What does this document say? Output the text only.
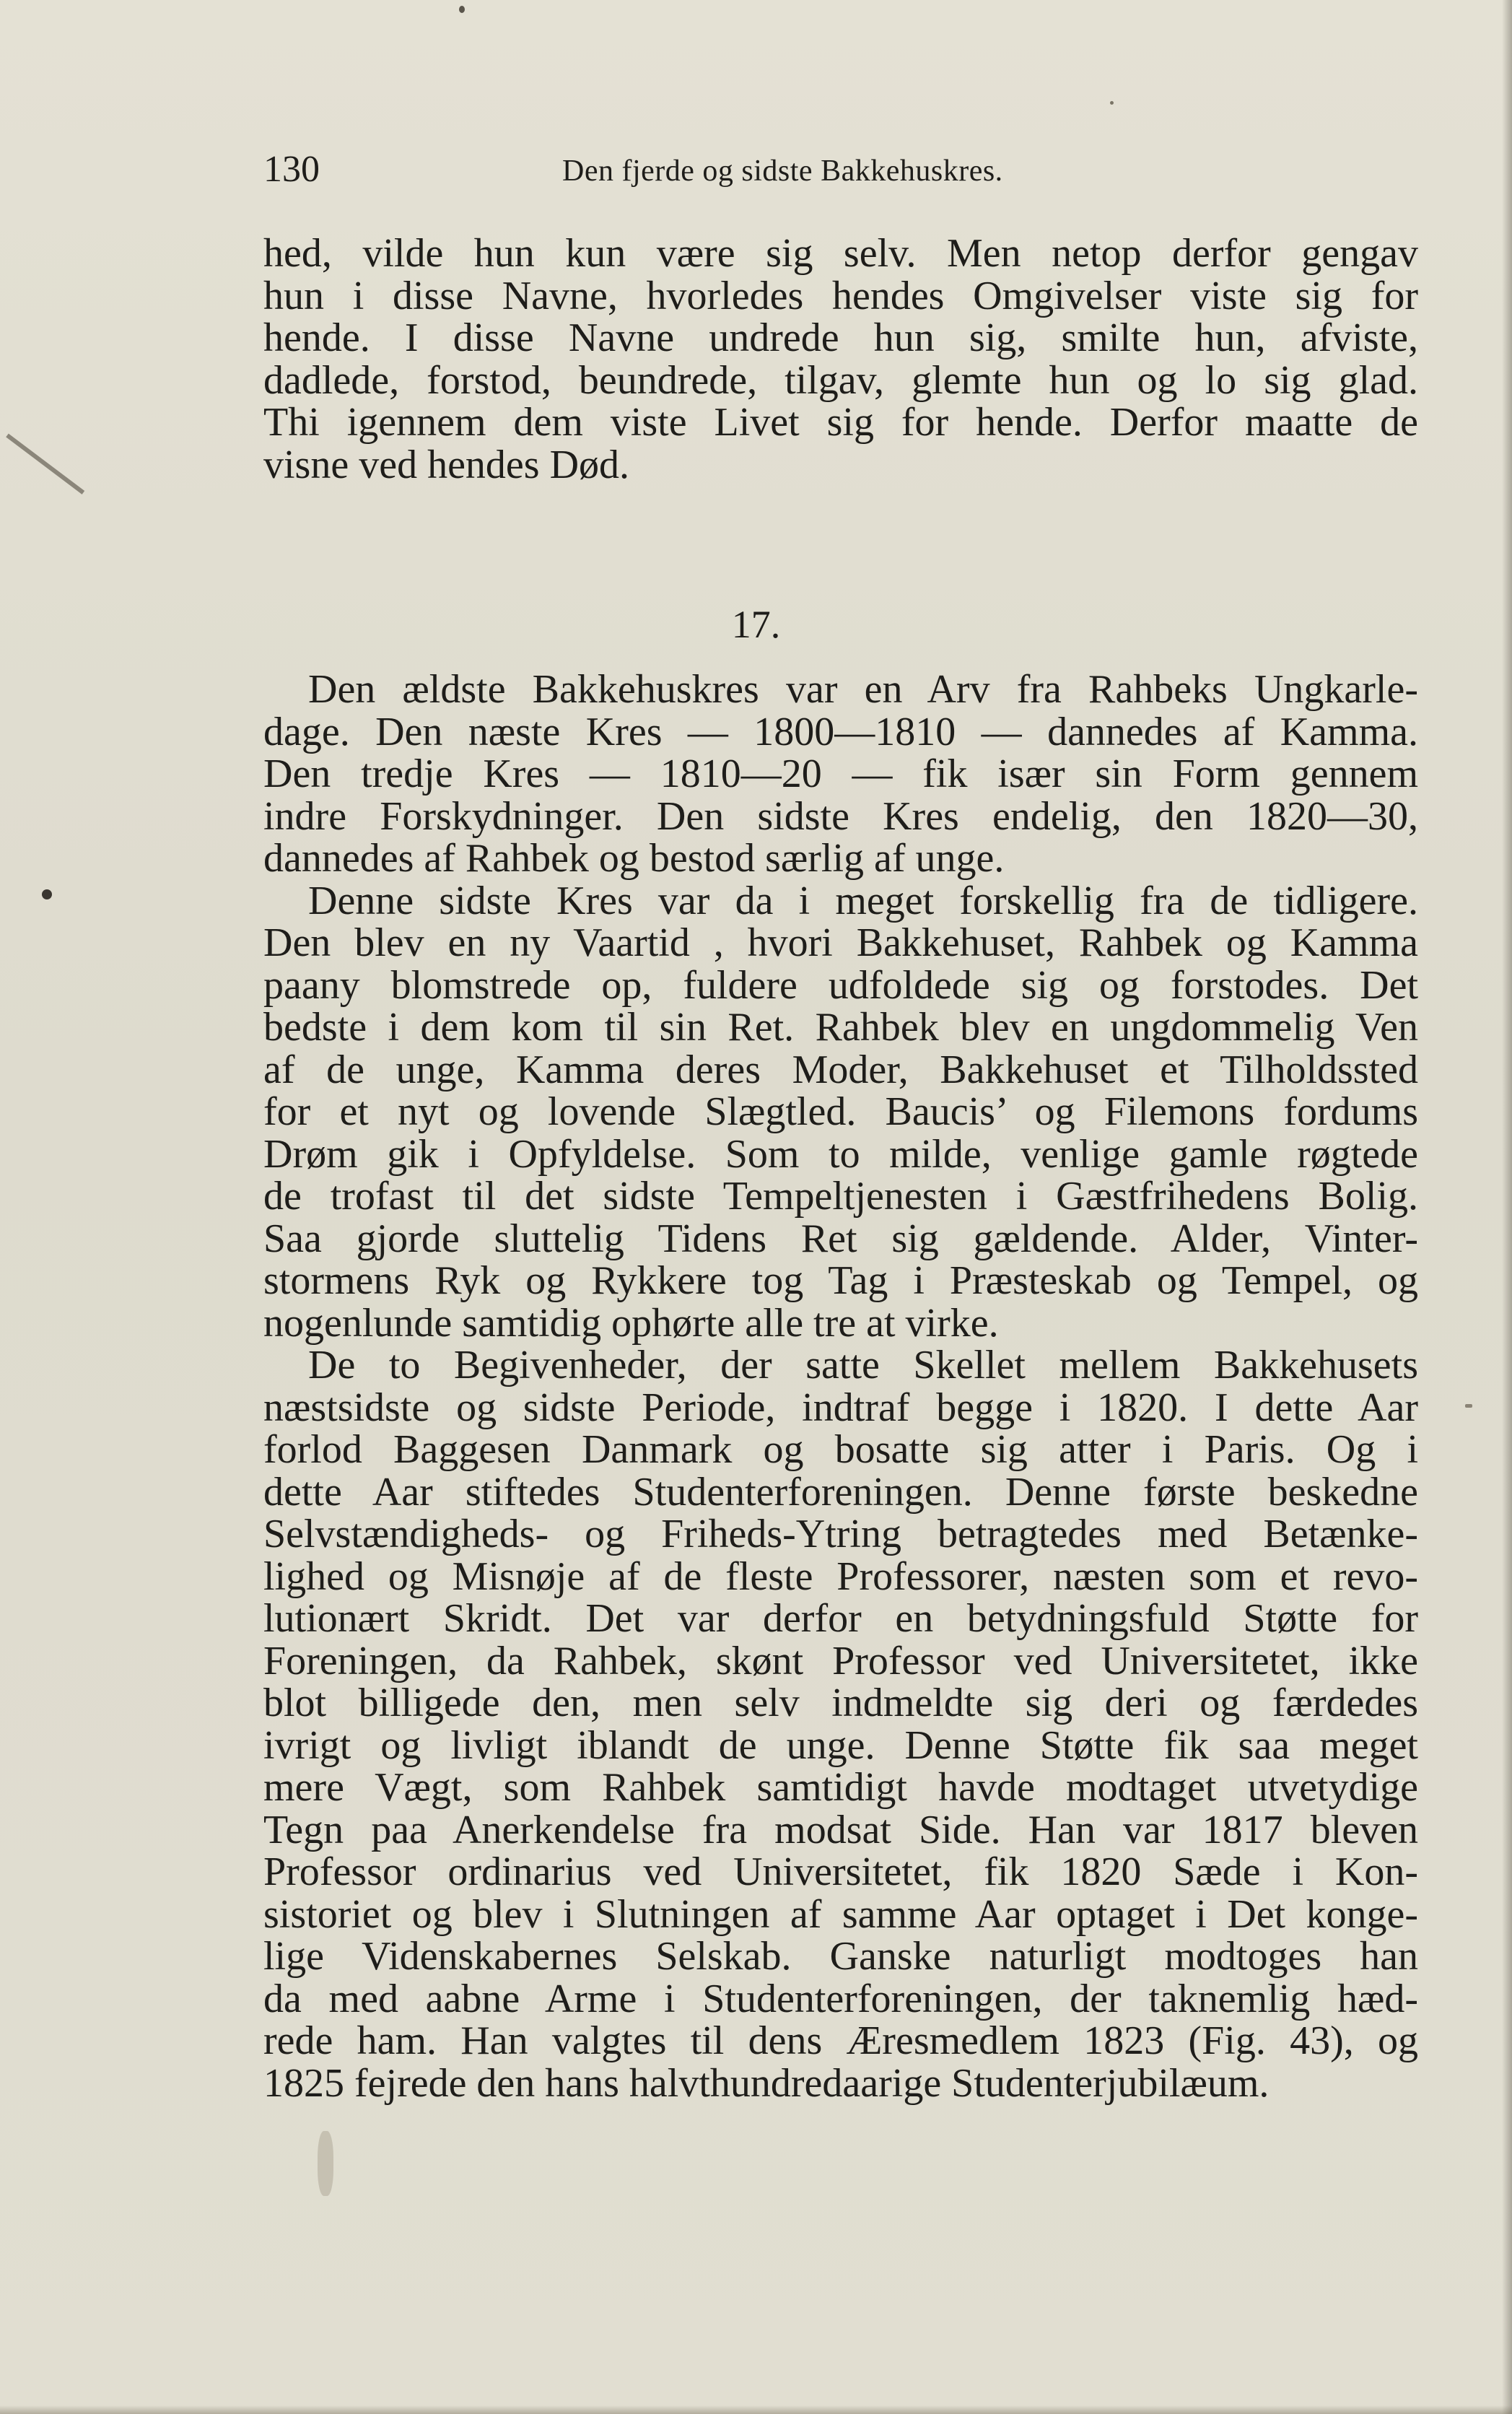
130	Den fjerde og sidste Bakkehuskres.
hed, vilde hun kun være sig selv. Men netop derfor gengav
hun i disse Navne, hvorledes hendes Omgivelser viste sig for
hende. I disse Navne undrede hun sig, smilte hun, afviste,
dadlede, forstod, beundrede, tilgav, glemte hun og lo sig glad.
Thi igennem dem viste Livet sig for hende. Derfor maatte de
visne ved hendes Død.
17.
Den ældste Bakkehuskres var en Arv fra Rahbeks Ungkarle-
dage. Den næste Kres — 1800—1810 — dannedes af Kamma.
Den tredje Kres — 1810—20 — fik især sin Form gennem
indre Forskydninger. Den sidste Kres endelig, den 1820—30,
dannedes af Rahbek og bestod særlig af unge.
Denne sidste Kres var da i meget forskellig fra de tidligere.
Den blev en ny Vaartid , hvori Bakkehuset, Rahbek og Kamma
paany blomstrede op, fuldere udfoldede sig og forstodes. Det
bedste i dem kom til sin Ret. Rahbek blev en ungdommelig Ven
af de unge, Kamma deres Moder, Bakkehuset et Tilholdssted
for et nyt og lovende Slægtled. Baucis’ og Filemons fordums
Drøm gik i Opfyldelse. Som to milde, venlige gamle røgtede
de trofast til det sidste Tempeltjenesten i Gæstfrihedens Bolig.
Saa gjorde sluttelig Tidens Ret sig gældende. Alder, Vinter-
stormens Ryk og Rykkere tog Tag i Præsteskab og Tempel, og
nogenlunde samtidig ophørte alle tre at virke.
De to Begivenheder, der satte Skellet mellem Bakkehusets
næstsidste og sidste Periode, indtraf begge i 1820. I dette Aar
forlod Baggesen Danmark og bosatte sig atter i Paris. Og i
dette Aar stiftedes Studenterforeningen. Denne første beskedne
Selvstændigheds- og Friheds-Ytring betragtedes med Betænke-
lighed og Misnøje af de fleste Professorer, næsten som et revo-
lutionært Skridt. Det var derfor en betydningsfuld Støtte for
Foreningen, da Rahbek, skønt Professor ved Universitetet, ikke
blot billigede den, men selv indmeldte sig deri og færdedes
ivrigt og livligt iblandt de unge. Denne Støtte fik saa meget
mere Vægt, som Rahbek samtidigt havde modtaget utvetydige
Tegn paa Anerkendelse fra modsat Side. Han var 1817 bleven
Professor ordinarius ved Universitetet, fik 1820 Sæde i Kon-
sistoriet og blev i Slutningen af samme Aar optaget i Det konge-
lige Videnskabernes Selskab. Ganske naturligt modtoges han
da med aabne Arme i Studenterforeningen, der taknemlig hæd-
rede ham. Han valgtes til dens Æresmedlem 1823 (Fig. 43), og
1825 fejrede den hans halvthundredaarige Studenterjubilæum.
